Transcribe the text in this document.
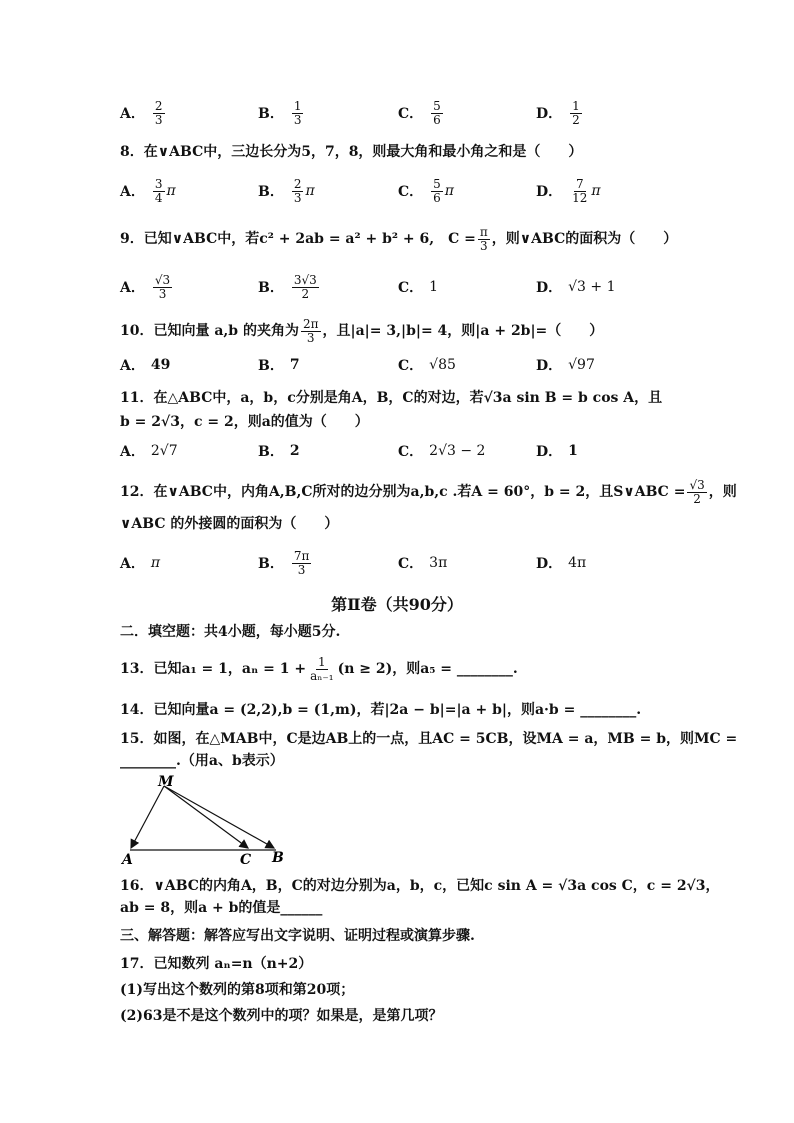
A． $\frac{2}{3}$	B． $\frac{1}{3}$	C． $\frac{5}{6}$	D． $\frac{1}{2}$
8．在∨ABC中，三边长分为5，7，8，则最大角和最小角之和是（　　）
A． $\frac{3}{4}$ π	B． $\frac{2}{3}$ π	C． $\frac{5}{6}$ π	D． $\frac{7}{12}$ π
9．已知∨ABC中，若c² + 2ab = a² + b² + 6,　$C = \frac{\pi}{3}$ ，则∨ABC的面积为（　　）
A． $\frac{√3}{3}$	B． $\frac{3√3}{2}$	C． 1	D． √3 + 1
10．已知向量 a,b 的夹角为 $\frac{2\pi}{3}$ ，且|a|= 3,|b|= 4，则|a + 2b|=（　　）
A． 49	B． 7	C． √85	D． √97
11．在△ABC中，a，b，c分别是角A，B，C的对边，若√3a sin B = b cos A，且
b = 2√3，c = 2，则a的值为（　　）
A． 2√7	B． 2	C． 2√3 − 2	D． 1
12．在∨ABC中，内角A,B,C所对的边分别为a,b,c .若A = 60°，b = 2，且S∨ABC = $\frac{√3}{2}$ ，则
∨ABC 的外接圆的面积为（　　）
A． π	B． $\frac{7\pi}{3}$	C． 3π	D． 4π
第Ⅱ卷（共90分）
二．填空题：共4小题，每小题5分.
13．已知a₁ = 1，$a_n = 1 + \frac{1}{\text{aₙ₋₁}} (n \ge 2)$，则a₅ = ________.
14．已知向量a = (2,2),b = (1,m)，若|2a − b|=|a + b|，则a·b = ________.
15．如图，在△MAB中，C是边AB上的一点，且AC = 5CB，设MA = a，MB = b，则MC =
________.（用a、b表示）
M
A	C B
16．∨ABC的内角A，B，C的对边分别为a，b，c，已知c sin A = √3a cos C，c = 2√3，
ab = 8，则a + b的值是______
三、解答题：解答应写出文字说明、证明过程或演算步骤.
17．已知数列 aₙ=n（n+2）
(1)写出这个数列的第8项和第20项；
(2)63是不是这个数列中的项？如果是，是第几项？
